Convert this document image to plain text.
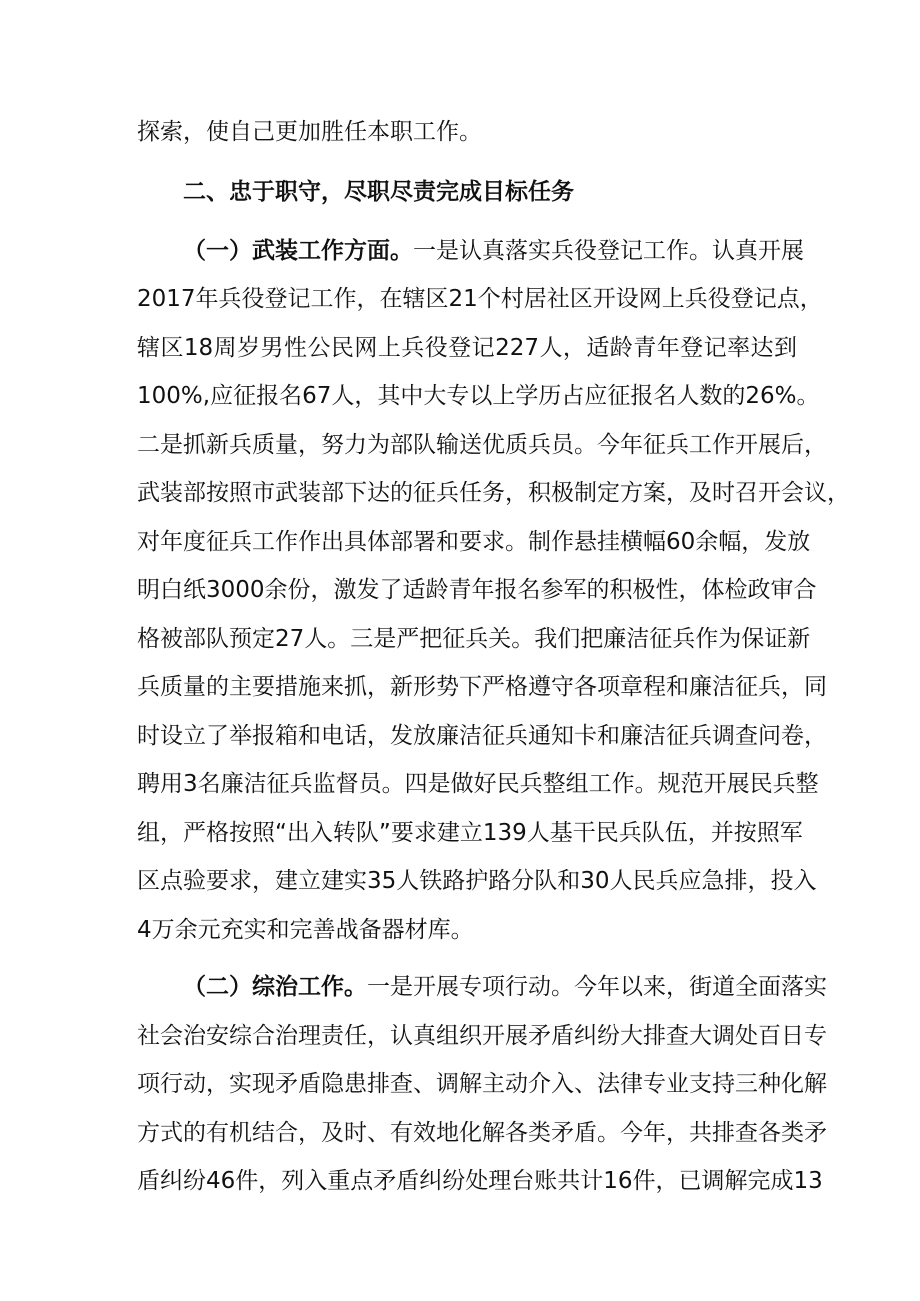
探索，使自己更加胜任本职工作。
二、忠于职守，尽职尽责完成目标任务
（一）武装工作方面。一是认真落实兵役登记工作。认真开展
2017年兵役登记工作，在辖区21个村居社区开设网上兵役登记点，
辖区18周岁男性公民网上兵役登记227人，适龄青年登记率达到
100%,应征报名67人，其中大专以上学历占应征报名人数的26%。
二是抓新兵质量，努力为部队输送优质兵员。今年征兵工作开展后，
武装部按照市武装部下达的征兵任务，积极制定方案，及时召开会议，
对年度征兵工作作出具体部署和要求。制作悬挂横幅60余幅，发放
明白纸3000余份，激发了适龄青年报名参军的积极性，体检政审合
格被部队预定27人。三是严把征兵关。我们把廉洁征兵作为保证新
兵质量的主要措施来抓，新形势下严格遵守各项章程和廉洁征兵，同
时设立了举报箱和电话，发放廉洁征兵通知卡和廉洁征兵调查问卷，
聘用3名廉洁征兵监督员。四是做好民兵整组工作。规范开展民兵整
组，严格按照“出入转队”要求建立139人基干民兵队伍，并按照军
区点验要求，建立建实35人铁路护路分队和30人民兵应急排，投入
4万余元充实和完善战备器材库。
（二）综治工作。一是开展专项行动。今年以来，街道全面落实
社会治安综合治理责任，认真组织开展矛盾纠纷大排查大调处百日专
项行动，实现矛盾隐患排查、调解主动介入、法律专业支持三种化解
方式的有机结合，及时、有效地化解各类矛盾。今年，共排查各类矛
盾纠纷46件，列入重点矛盾纠纷处理台账共计16件，已调解完成13
